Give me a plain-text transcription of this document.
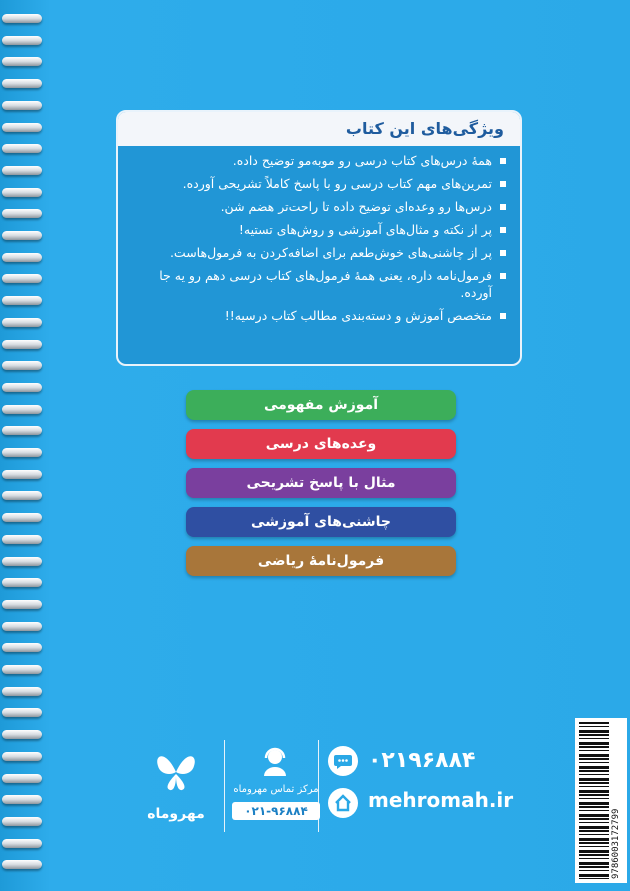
ویژگی‌های این کتاب
همهٔ درس‌های کتاب درسی رو مو‌به‌مو توضیح داده.
تمرین‌های مهم کتاب درسی رو با پاسخ کاملاً تشریحی آورده.
درس‌ها رو وعده‌ای توضیح داده تا راحت‌تر هضم شن.
پر از نکته و مثال‌های آموزشی و روش‌های تستیه!
پر از چاشنی‌های خوش‌طعم برای اضافه‌کردن به فرمول‌هاست.
فرمول‌نامه داره، یعنی همهٔ فرمول‌های کتاب درسی دهم رو یه جا آورده.
متخصص آموزش و دسته‌بندی مطالب کتاب درسیه!!
آموزش مفهومی
وعده‌های درسی
مثال با پاسخ تشریحی
چاشنی‌های آموزشی
فرمول‌نامهٔ ریاضی
۰۲۱۹۶۸۸۴
mehromah.ir
مرکز تماس مهروماه
۰۲۱-۹۶۸۸۴
مهروماه	9786003172799
